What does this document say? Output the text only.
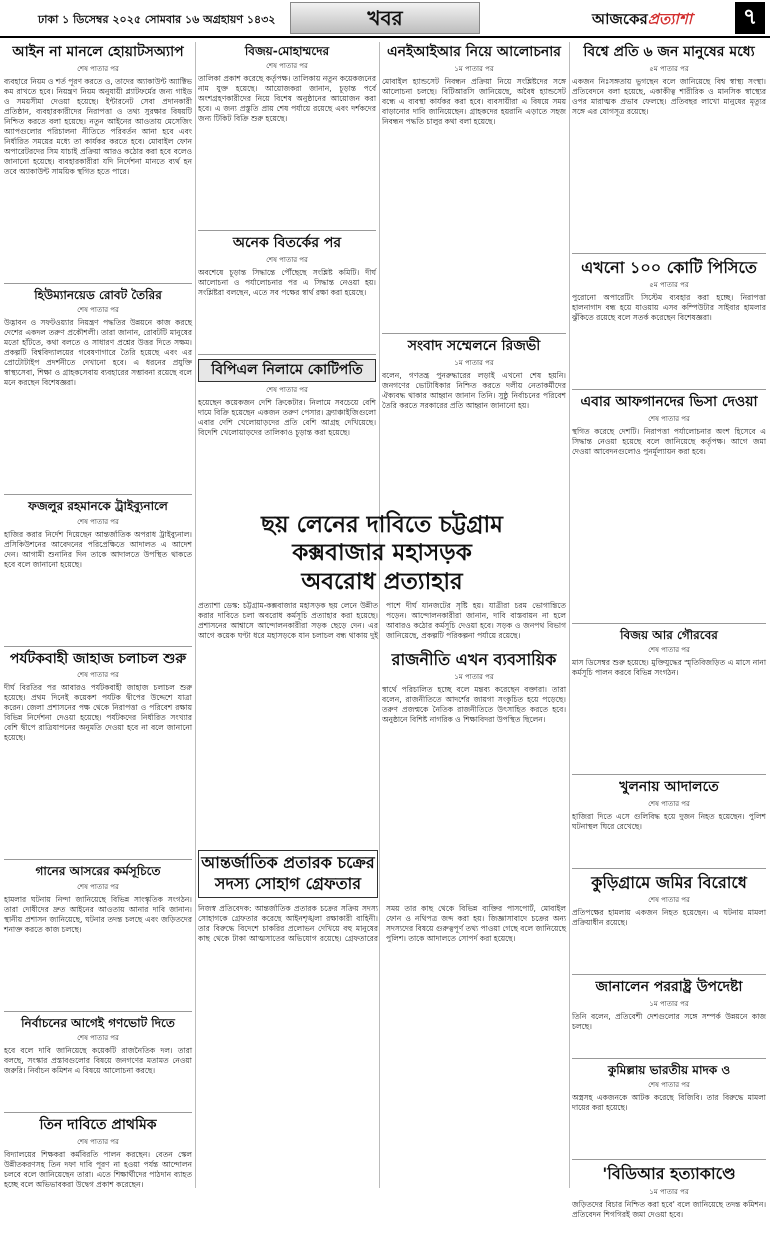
ঢাকা ১ ডিসেম্বর ২০২৫ সোমবার ১৬ অগ্রহায়ণ ১৪৩২	খবর	আজকেরপ্রত্যাশা	৭
আইন না মানলে হোয়াটসঅ্যাপ
শেষ পাতার পর
ব্যবহারে নিয়ম ও শর্ত পূরণ করতে ও, তাদের অ্যাকাউন্ট অ্যাক্টিভ কম রাখতে হবে। নিয়ন্ত্রণ নিয়ম অনুযায়ী প্ল্যাটফর্মের জন্য গাইড ও সময়সীমা দেওয়া হয়েছে। ইন্টারনেট সেবা প্রদানকারী প্রতিষ্ঠান, ব্যবহারকারীদের নিরাপত্তা ও তথ্য সুরক্ষার বিষয়টি নিশ্চিত করতে বলা হয়েছে। নতুন আইনের আওতায় মেসেজিং অ্যাপগুলোর পরিচালনা নীতিতে পরিবর্তন আনা হবে এবং নির্ধারিত সময়ের মধ্যে তা কার্যকর করতে হবে। মোবাইল ফোন অপারেটরদের সিম যাচাই প্রক্রিয়া আরও কঠোর করা হবে বলেও জানানো হয়েছে। ব্যবহারকারীরা যদি নির্দেশনা মানতে ব্যর্থ হন তবে অ্যাকাউন্ট সাময়িক স্থগিত হতে পারে।
হিউম্যানয়েড রোবট তৈরির
শেষ পাতার পর
উদ্ভাবন ও সফটওয়্যার নিয়ন্ত্রণ পদ্ধতির উন্নয়নে কাজ করছে দেশের একদল তরুণ প্রকৌশলী। তারা জানান, রোবটটি মানুষের মতো হাঁটতে, কথা বলতে ও সাধারণ প্রশ্নের উত্তর দিতে সক্ষম। প্রকল্পটি বিশ্ববিদ্যালয়ের গবেষণাগারে তৈরি হয়েছে এবং এর প্রোটোটাইপ প্রদর্শনীতে দেখানো হবে। এ ধরনের প্রযুক্তি স্বাস্থ্যসেবা, শিক্ষা ও গ্রাহকসেবায় ব্যবহারের সম্ভাবনা রয়েছে বলে মনে করছেন বিশেষজ্ঞরা।
ফজলুর রহমানকে ট্রাইব্যুনালে
শেষ পাতার পর
হাজির করার নির্দেশ দিয়েছেন আন্তর্জাতিক অপরাধ ট্রাইব্যুনাল। প্রসিকিউশনের আবেদনের পরিপ্রেক্ষিতে আদালত এ আদেশ দেন। আগামী শুনানির দিন তাকে আদালতে উপস্থিত থাকতে হবে বলে জানানো হয়েছে।
পর্যটকবাহী জাহাজ চলাচল শুরু
শেষ পাতার পর
দীর্ঘ বিরতির পর আবারও পর্যটকবাহী জাহাজ চলাচল শুরু হয়েছে। প্রথম দিনেই কয়েকশ পর্যটক দ্বীপের উদ্দেশে যাত্রা করেন। জেলা প্রশাসনের পক্ষ থেকে নিরাপত্তা ও পরিবেশ রক্ষায় বিভিন্ন নির্দেশনা দেওয়া হয়েছে। পর্যটকদের নির্ধারিত সংখ্যার বেশি দ্বীপে রাত্রিযাপনের অনুমতি দেওয়া হবে না বলে জানানো হয়েছে।
গানের আসরের কর্মসূচিতে
শেষ পাতার পর
হামলার ঘটনায় নিন্দা জানিয়েছে বিভিন্ন সাংস্কৃতিক সংগঠন। তারা দোষীদের দ্রুত আইনের আওতায় আনার দাবি জানান। স্থানীয় প্রশাসন জানিয়েছে, ঘটনার তদন্ত চলছে এবং জড়িতদের শনাক্ত করতে কাজ চলছে।
নির্বাচনের আগেই গণভোট দিতে
শেষ পাতার পর
হবে বলে দাবি জানিয়েছে কয়েকটি রাজনৈতিক দল। তারা বলছে, সংস্কার প্রস্তাবগুলোর বিষয়ে জনগণের মতামত নেওয়া জরুরি। নির্বাচন কমিশন এ বিষয়ে আলোচনা করছে।
তিন দাবিতে প্রাথমিক
শেষ পাতার পর
বিদ্যালয়ের শিক্ষকরা কর্মবিরতি পালন করছেন। বেতন স্কেল উন্নীতকরণসহ তিন দফা দাবি পূরণ না হওয়া পর্যন্ত আন্দোলন চলবে বলে জানিয়েছেন তারা। এতে শিক্ষার্থীদের পাঠদান ব্যাহত হচ্ছে বলে অভিভাবকরা উদ্বেগ প্রকাশ করেছেন।
বিজয়-মোহাম্মদের
শেষ পাতার পর
তালিকা প্রকাশ করেছে কর্তৃপক্ষ। তালিকায় নতুন কয়েকজনের নাম যুক্ত হয়েছে। আয়োজকরা জানান, চূড়ান্ত পর্বে অংশগ্রহণকারীদের নিয়ে বিশেষ অনুষ্ঠানের আয়োজন করা হবে। এ জন্য প্রস্তুতি প্রায় শেষ পর্যায়ে রয়েছে এবং দর্শকদের জন্য টিকিট বিক্রি শুরু হয়েছে।
অনেক বিতর্কের পর
শেষ পাতার পর
অবশেষে চূড়ান্ত সিদ্ধান্তে পৌঁছেছে সংশ্লিষ্ট কমিটি। দীর্ঘ আলোচনা ও পর্যালোচনার পর এ সিদ্ধান্ত নেওয়া হয়। সংশ্লিষ্টরা বলছেন, এতে সব পক্ষের স্বার্থ রক্ষা করা হয়েছে।
বিপিএল নিলামে কোটিপতি
শেষ পাতার পর
হয়েছেন কয়েকজন দেশি ক্রিকেটার। নিলামে সবচেয়ে বেশি দামে বিক্রি হয়েছেন একজন তরুণ পেসার। ফ্র্যাঞ্চাইজিগুলো এবার দেশি খেলোয়াড়দের প্রতি বেশি আগ্রহ দেখিয়েছে। বিদেশি খেলোয়াড়দের তালিকাও চূড়ান্ত করা হয়েছে।
এনইআইআর নিয়ে আলোচনার
১ম পাতার পর
মোবাইল হ্যান্ডসেট নিবন্ধন প্রক্রিয়া নিয়ে সংশ্লিষ্টদের সঙ্গে আলোচনা চলছে। বিটিআরসি জানিয়েছে, অবৈধ হ্যান্ডসেট বন্ধে এ ব্যবস্থা কার্যকর করা হবে। ব্যবসায়ীরা এ বিষয়ে সময় বাড়ানোর দাবি জানিয়েছেন। গ্রাহকদের হয়রানি এড়াতে সহজ নিবন্ধন পদ্ধতি চালুর কথা বলা হয়েছে।
সংবাদ সম্মেলনে রিজভী
১ম পাতার পর
বলেন, গণতন্ত্র পুনরুদ্ধারের লড়াই এখনো শেষ হয়নি। জনগণের ভোটাধিকার নিশ্চিত করতে দলীয় নেতাকর্মীদের ঐক্যবদ্ধ থাকার আহ্বান জানান তিনি। সুষ্ঠু নির্বাচনের পরিবেশ তৈরি করতে সরকারের প্রতি আহ্বান জানানো হয়।
ছয় লেনের দাবিতে চট্টগ্রাম
কক্সবাজার মহাসড়ক
অবরোধ প্রত্যাহার
প্রত্যাশা ডেস্ক: চট্টগ্রাম-কক্সবাজার মহাসড়ক ছয় লেনে উন্নীত করার দাবিতে চলা অবরোধ কর্মসূচি প্রত্যাহার করা হয়েছে। প্রশাসনের আশ্বাসে আন্দোলনকারীরা সড়ক ছেড়ে দেন। এর আগে কয়েক ঘণ্টা ধরে মহাসড়কে যান চলাচল বন্ধ থাকায় দুই পাশে দীর্ঘ যানজটের সৃষ্টি হয়। যাত্রীরা চরম ভোগান্তিতে পড়েন। আন্দোলনকারীরা জানান, দাবি বাস্তবায়ন না হলে আবারও কঠোর কর্মসূচি দেওয়া হবে। সড়ক ও জনপথ বিভাগ জানিয়েছে, প্রকল্পটি পরিকল্পনা পর্যায়ে রয়েছে।
রাজনীতি এখন ব্যবসায়িক
১ম পাতার পর
স্বার্থে পরিচালিত হচ্ছে বলে মন্তব্য করেছেন বক্তারা। তারা বলেন, রাজনীতিতে আদর্শের জায়গা সংকুচিত হয়ে পড়েছে। তরুণ প্রজন্মকে নৈতিক রাজনীতিতে উৎসাহিত করতে হবে। অনুষ্ঠানে বিশিষ্ট নাগরিক ও শিক্ষাবিদরা উপস্থিত ছিলেন।
আন্তর্জাতিক প্রতারক চক্রের
সদস্য সোহাগ গ্রেফতার
নিজস্ব প্রতিবেদক: আন্তর্জাতিক প্রতারক চক্রের সক্রিয় সদস্য সোহাগকে গ্রেফতার করেছে আইনশৃঙ্খলা রক্ষাকারী বাহিনী। তার বিরুদ্ধে বিদেশে চাকরির প্রলোভন দেখিয়ে বহু মানুষের কাছ থেকে টাকা আত্মসাতের অভিযোগ রয়েছে। গ্রেফতারের সময় তার কাছ থেকে বিভিন্ন ব্যক্তির পাসপোর্ট, মোবাইল ফোন ও নথিপত্র জব্দ করা হয়। জিজ্ঞাসাবাদে চক্রের অন্য সদস্যদের বিষয়ে গুরুত্বপূর্ণ তথ্য পাওয়া গেছে বলে জানিয়েছে পুলিশ। তাকে আদালতে সোপর্দ করা হয়েছে।
বিশ্বে প্রতি ৬ জন মানুষের মধ্যে
৫ম পাতার পর
একজন নিঃসঙ্গতায় ভুগছেন বলে জানিয়েছে বিশ্ব স্বাস্থ্য সংস্থা। প্রতিবেদনে বলা হয়েছে, একাকীত্ব শারীরিক ও মানসিক স্বাস্থ্যের ওপর মারাত্মক প্রভাব ফেলছে। প্রতিবছর লাখো মানুষের মৃত্যুর সঙ্গে এর যোগসূত্র রয়েছে।
এখনো ১০০ কোটি পিসিতে
৫ম পাতার পর
পুরোনো অপারেটিং সিস্টেম ব্যবহার করা হচ্ছে। নিরাপত্তা হালনাগাদ বন্ধ হয়ে যাওয়ায় এসব কম্পিউটার সাইবার হামলার ঝুঁকিতে রয়েছে বলে সতর্ক করেছেন বিশেষজ্ঞরা।
এবার আফগানদের ভিসা দেওয়া
শেষ পাতার পর
স্থগিত করেছে দেশটি। নিরাপত্তা পর্যালোচনার অংশ হিসেবে এ সিদ্ধান্ত নেওয়া হয়েছে বলে জানিয়েছে কর্তৃপক্ষ। আগে জমা দেওয়া আবেদনগুলোও পুনর্মূল্যায়ন করা হবে।
বিজয় আর গৌরবের
শেষ পাতার পর
মাস ডিসেম্বর শুরু হয়েছে। মুক্তিযুদ্ধের স্মৃতিবিজড়িত এ মাসে নানা কর্মসূচি পালন করবে বিভিন্ন সংগঠন।
খুলনায় আদালতে
শেষ পাতার পর
হাজিরা দিতে এসে গুলিবিদ্ধ হয়ে দুজন নিহত হয়েছেন। পুলিশ ঘটনাস্থল ঘিরে রেখেছে।
কুড়িগ্রামে জমির বিরোধে
শেষ পাতার পর
প্রতিপক্ষের হামলায় একজন নিহত হয়েছেন। এ ঘটনায় মামলা প্রক্রিয়াধীন রয়েছে।
জানালেন পররাষ্ট্র উপদেষ্টা
১ম পাতার পর
তিনি বলেন, প্রতিবেশী দেশগুলোর সঙ্গে সম্পর্ক উন্নয়নে কাজ চলছে।
কুমিল্লায় ভারতীয় মাদক ও
শেষ পাতার পর
অস্ত্রসহ একজনকে আটক করেছে বিজিবি। তার বিরুদ্ধে মামলা দায়ের করা হয়েছে।
'বিডিআর হত্যাকাণ্ডে
১ম পাতার পর
জড়িতদের বিচার নিশ্চিত করা হবে' বলে জানিয়েছে তদন্ত কমিশন। প্রতিবেদন শিগগিরই জমা দেওয়া হবে।
